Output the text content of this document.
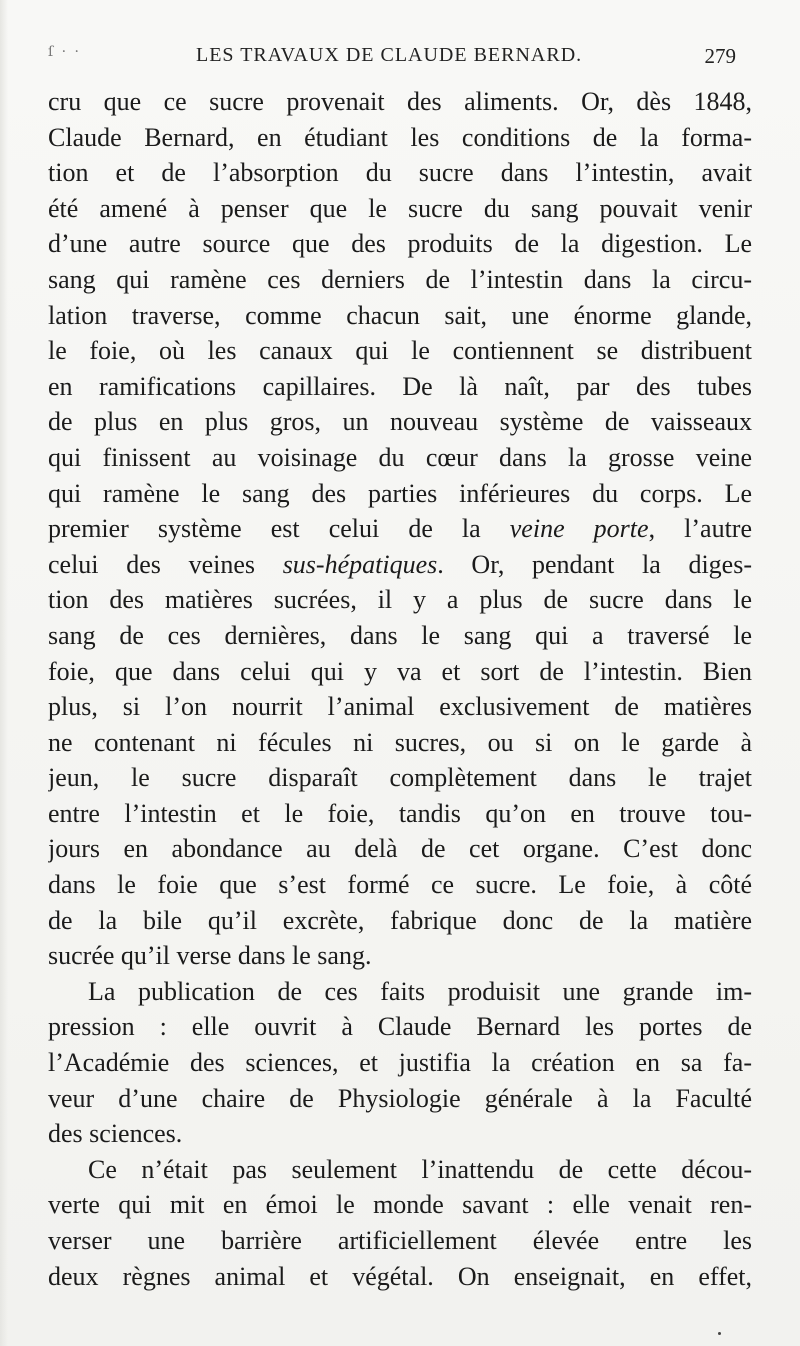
ſ · ·	LES TRAVAUX DE CLAUDE BERNARD.	279
cru que ce sucre provenait des aliments. Or, dès 1848,
Claude Bernard, en étudiant les conditions de la forma-
tion et de l’absorption du sucre dans l’intestin, avait
été amené à penser que le sucre du sang pouvait venir
d’une autre source que des produits de la digestion. Le
sang qui ramène ces derniers de l’intestin dans la circu-
lation traverse, comme chacun sait, une énorme glande,
le foie, où les canaux qui le contiennent se distribuent
en ramifications capillaires. De là naît, par des tubes
de plus en plus gros, un nouveau système de vaisseaux
qui finissent au voisinage du cœur dans la grosse veine
qui ramène le sang des parties inférieures du corps. Le
premier système est celui de la veine porte, l’autre
celui des veines sus-hépatiques. Or, pendant la diges-
tion des matières sucrées, il y a plus de sucre dans le
sang de ces dernières, dans le sang qui a traversé le
foie, que dans celui qui y va et sort de l’intestin. Bien
plus, si l’on nourrit l’animal exclusivement de matières
ne contenant ni fécules ni sucres, ou si on le garde à
jeun, le sucre disparaît complètement dans le trajet
entre l’intestin et le foie, tandis qu’on en trouve tou-
jours en abondance au delà de cet organe. C’est donc
dans le foie que s’est formé ce sucre. Le foie, à côté
de la bile qu’il excrète, fabrique donc de la matière
sucrée qu’il verse dans le sang.
La publication de ces faits produisit une grande im-
pression : elle ouvrit à Claude Bernard les portes de
l’Académie des sciences, et justifia la création en sa fa-
veur d’une chaire de Physiologie générale à la Faculté
des sciences.
Ce n’était pas seulement l’inattendu de cette décou-
verte qui mit en émoi le monde savant : elle venait ren-
verser une barrière artificiellement élevée entre les
deux règnes animal et végétal. On enseignait, en effet,
